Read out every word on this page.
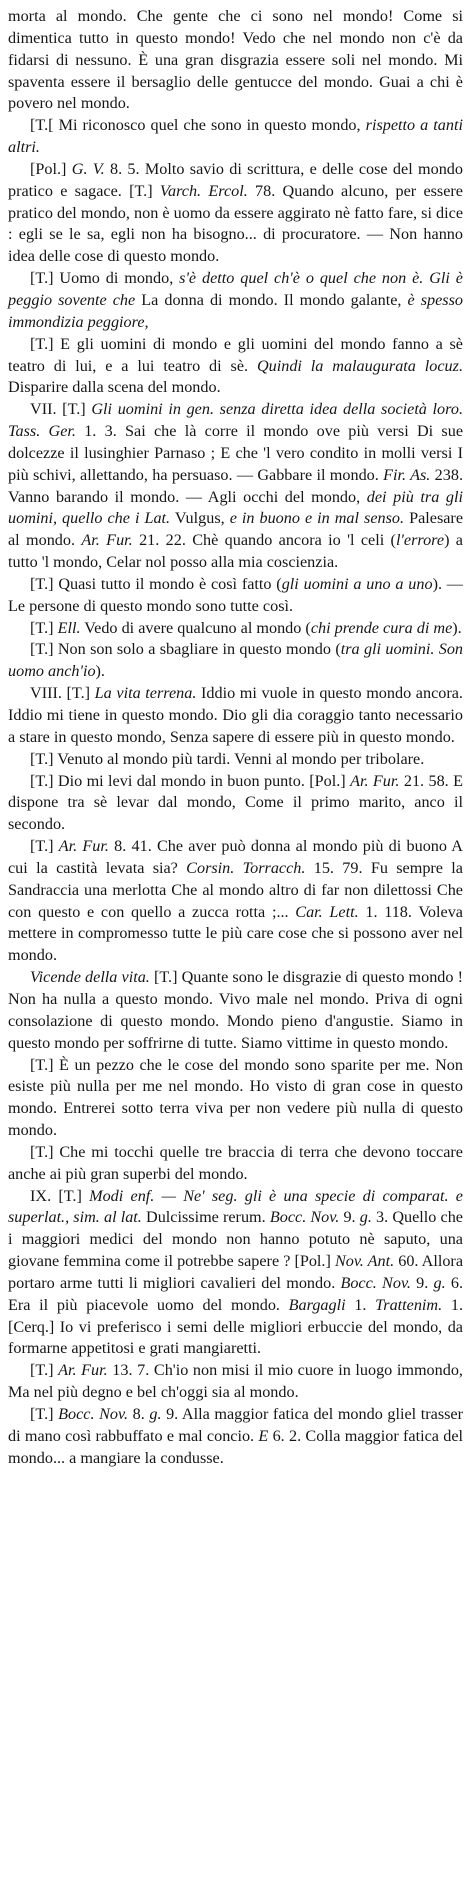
morta al mondo. Che gente che ci sono nel mondo! Come si dimentica tutto in questo mondo! Vedo che nel mondo non c'è da fidarsi di nessuno. È una gran disgrazia essere soli nel mondo. Mi spaventa essere il bersaglio delle gentucce del mondo. Guai a chi è povero nel mondo.

[T.[ Mi riconosco quel che sono in questo mondo, rispetto a tanti altri.

[Pol.] G. V. 8. 5. Molto savio di scrittura, e delle cose del mondo pratico e sagace. [T.] Varch. Ercol. 78. Quando alcuno, per essere pratico del mondo, non è uomo da essere aggirato nè fatto fare, si dice : egli se le sa, egli non ha bisogno... di procuratore. — Non hanno idea delle cose di questo mondo.

[T.] Uomo di mondo, s'è detto quel ch'è o quel che non è. Gli è peggio sovente che La donna di mondo. Il mondo galante, è spesso immondizia peggiore,

[T.] E gli uomini di mondo e gli uomini del mondo fanno a sè teatro di lui, e a lui teatro di sè. Quindi la malaugurata locuz. Disparire dalla scena del mondo.

VII. [T.] Gli uomini in gen. senza diretta idea della società loro. Tass. Ger. 1. 3. Sai che là corre il mondo ove più versi Di sue dolcezze il lusinghier Parnaso ; E che 'l vero condito in molli versi I più schivi, allettando, ha persuaso. — Gabbare il mondo. Fir. As. 238. Vanno barando il mondo. — Agli occhi del mondo, dei più tra gli uomini, quello che i Lat. Vulgus, e in buono e in mal senso. Palesare al mondo. Ar. Fur. 21. 22. Chè quando ancora io 'l celi (l'errore) a tutto 'l mondo, Celar nol posso alla mia coscienzia.

[T.] Quasi tutto il mondo è così fatto (gli uomini a uno a uno). —Le persone di questo mondo sono tutte così.

[T.] Ell. Vedo di avere qualcuno al mondo (chi prende cura di me).

[T.] Non son solo a sbagliare in questo mondo (tra gli uomini. Son uomo anch'io).

VIII. [T.] La vita terrena. Iddio mi vuole in questo mondo ancora. Iddio mi tiene in questo mondo. Dio gli dia coraggio tanto necessario a stare in questo mondo, Senza sapere di essere più in questo mondo.

[T.] Venuto al mondo più tardi. Venni al mondo per tribolare.

[T.] Dio mi levi dal mondo in buon punto. [Pol.] Ar. Fur. 21. 58. E dispone tra sè levar dal mondo, Come il primo marito, anco il secondo.

[T.] Ar. Fur. 8. 41. Che aver può donna al mondo più di buono A cui la castità levata sia? Corsin. Torracch. 15. 79. Fu sempre la Sandraccia una merlotta Che al mondo altro di far non dilettossi Che con questo e con quello a zucca rotta ;... Car. Lett. 1. 118. Voleva mettere in compromesso tutte le più care cose che si possono aver nel mondo.

Vicende della vita. [T.] Quante sono le disgrazie di questo mondo ! Non ha nulla a questo mondo. Vivo male nel mondo. Priva di ogni consolazione di questo mondo. Mondo pieno d'angustie. Siamo in questo mondo per soffrirne di tutte. Siamo vittime in questo mondo.

[T.] È un pezzo che le cose del mondo sono sparite per me. Non esiste più nulla per me nel mondo. Ho visto di gran cose in questo mondo. Entrerei sotto terra viva per non vedere più nulla di questo mondo.

[T.] Che mi tocchi quelle tre braccia di terra che devono toccare anche ai più gran superbi del mondo.

IX. [T.] Modi enf. — Ne' seg. gli è una specie di comparat. e superlat., sim. al lat. Dulcissime rerum. Bocc. Nov. 9. g. 3. Quello che i maggiori medici del mondo non hanno potuto nè saputo, una giovane femmina come il potrebbe sapere ? [Pol.] Nov. Ant. 60. Allora portaro arme tutti li migliori cavalieri del mondo. Bocc. Nov. 9. g. 6. Era il più piacevole uomo del mondo. Bargagli 1. Trattenim. 1. [Cerq.] Io vi preferisco i semi delle migliori erbuccie del mondo, da formarne appetitosi e grati mangiaretti.

[T.] Ar. Fur. 13. 7. Ch'io non misi il mio cuore in luogo immondo, Ma nel più degno e bel ch'oggi sia al mondo.

[T.] Bocc. Nov. 8. g. 9. Alla maggior fatica del mondo gliel trasser di mano così rabbuffato e mal concio. E 6. 2. Colla maggior fatica del mondo... a mangiare la condusse.
